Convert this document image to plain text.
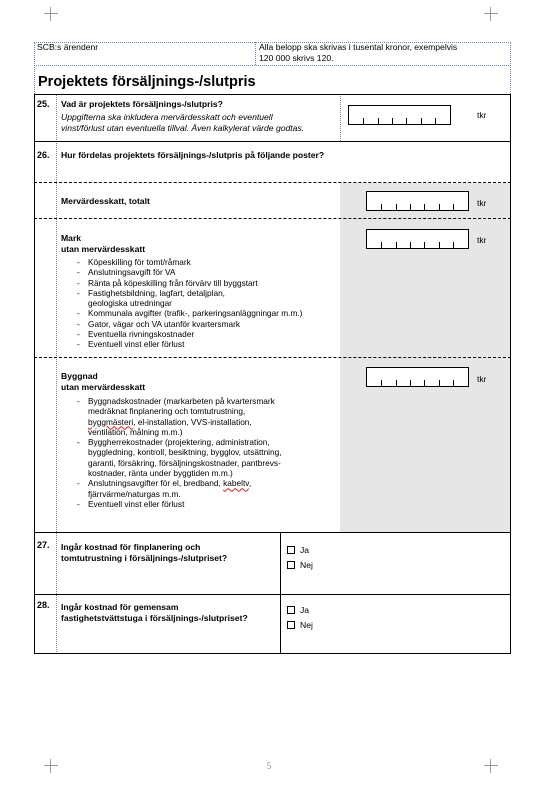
SCB:s ärendenr	Alla belopp ska skrivas i tusental kronor, exempelvis
120 000 skrivs 120.
Projektets försäljnings-/slutpris
25. Vad är projektets försäljnings-/slutpris?
Uppgifterna ska inkludera mervärdesskatt och eventuell
vinst/förlust utan eventuella tillval. Även kalkylerat värde godtas.
tkr
26. Hur fördelas projektets försäljnings-/slutpris på följande poster?
Mervärdesskatt, totalt	tkr
Mark
utan mervärdesskatt
tkr
- Köpeskilling för tomt/råmark
- Anslutningsavgift för VA
- Ränta på köpeskilling från förvärv till byggstart
- Fastighetsbildning, lagfart, detaljplan,
geologiska utredningar
- Kommunala avgifter (trafik-, parkeringsanläggningar m.m.)
- Gator, vägar och VA utanför kvartersmark
- Eventuella rivningskostnader
- Eventuell vinst eller förlust
Byggnad
utan mervärdesskatt
tkr
- Byggnadskostnader (markarbeten på kvartersmark
medräknat finplanering och tomtutrustning,
byggmästeri, el-installation, VVS-installation,
ventilation, målning m.m.)
- Byggherrekostnader (projektering, administration,
byggledning, kontroll, besiktning, bygglov, utsättning,
garanti, försäkring, försäljningskostnader, pantbrevs-
kostnader, ränta under byggtiden m.m.)
- Anslutningsavgifter för el, bredband, kabeltv,
fjärrvärme/naturgas m.m.
- Eventuell vinst eller förlust
27. Ingår kostnad för finplanering och
tomtutrustning i försäljnings-/slutpriset?
Ja
Nej
28. Ingår kostnad för gemensam
fastighetstvättstuga i försäljnings-/slutpriset?
Ja
Nej
5
